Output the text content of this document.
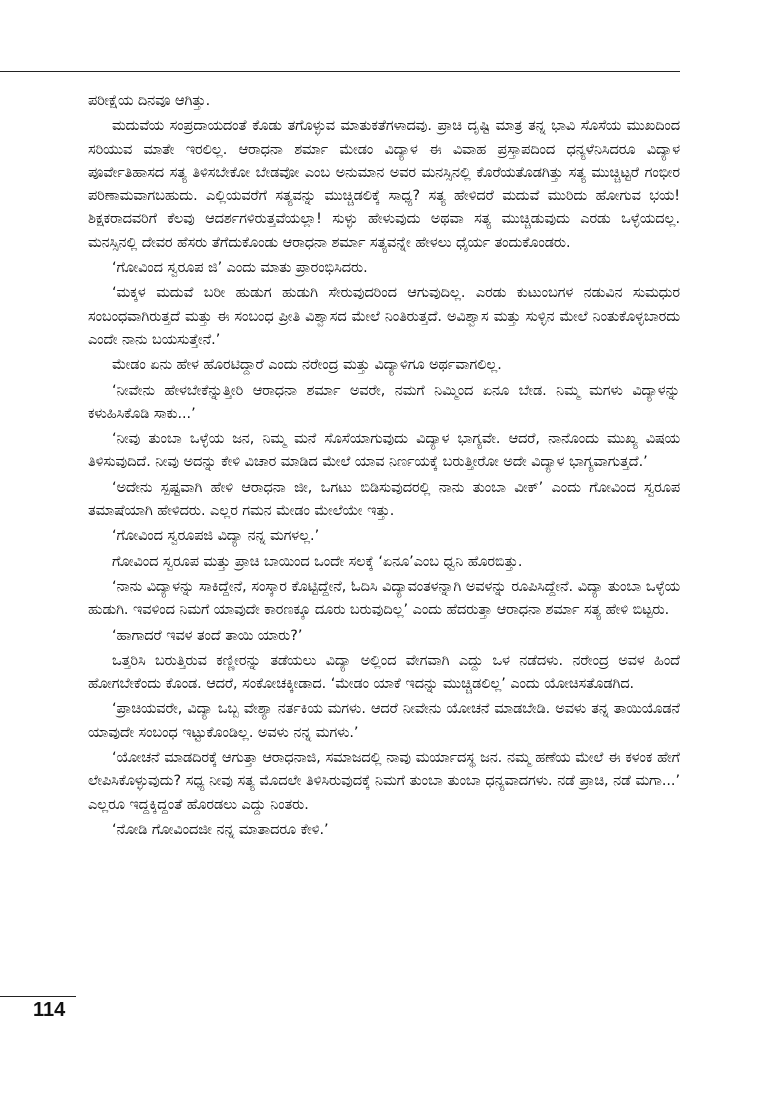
ಪರೀಕ್ಷೆಯ ದಿನವೂ ಆಗಿತ್ತು.

ಮದುವೆಯ ಸಂಪ್ರದಾಯದಂತೆ ಕೊಡು ತಗೊಳ್ಳುವ ಮಾತುಕತೆಗಳಾದವು. ಪ್ರಾಚಿ ದೃಷ್ಟಿ ಮಾತ್ರ ತನ್ನ ಭಾವಿ ಸೊಸೆಯ ಮುಖದಿಂದ ಸರಿಯುವ ಮಾತೇ ಇರಲಿಲ್ಲ. ಆರಾಧನಾ ಶರ್ಮಾ ಮೇಡಂ ವಿದ್ಯಾಳ ಈ ವಿವಾಹ ಪ್ರಸ್ತಾಪದಿಂದ ಧನ್ಯಳೆನಿಸಿದರೂ ವಿದ್ಯಾಳ ಪೂರ್ವೇತಿಹಾಸದ ಸತ್ಯ ತಿಳಿಸಬೇಕೋ ಬೇಡವೋ ಎಂಬ ಅನುಮಾನ ಅವರ ಮನಸ್ಸಿನಲ್ಲಿ ಕೊರೆಯತೊಡಗಿತ್ತು ಸತ್ಯ ಮುಚ್ಚಿಟ್ಟರೆ ಗಂಭೀರ ಪರಿಣಾಮವಾಗಬಹುದು. ಎಲ್ಲಿಯವರೆಗೆ ಸತ್ಯವನ್ನು ಮುಚ್ಚಿಡಲಿಕ್ಕೆ ಸಾಧ್ಯ? ಸತ್ಯ ಹೇಳಿದರೆ ಮದುವೆ ಮುರಿದು ಹೋಗುವ ಭಯ! ಶಿಕ್ಷಕರಾದವರಿಗೆ ಕೆಲವು ಆದರ್ಶಗಳಿರುತ್ತವೆಯಲ್ಲಾ! ಸುಳ್ಳು ಹೇಳುವುದು ಅಥವಾ ಸತ್ಯ ಮುಚ್ಚಿಡುವುದು ಎರಡು ಒಳ್ಳೆಯದಲ್ಲ. ಮನಸ್ಸಿನಲ್ಲಿ ದೇವರ ಹೆಸರು ತೆಗೆದುಕೊಂಡು ಆರಾಧನಾ ಶರ್ಮಾ ಸತ್ಯವನ್ನೇ ಹೇಳಲು ಧೈರ್ಯ ತಂದುಕೊಂಡರು.

‘ಗೋವಿಂದ ಸ್ವರೂಪ ಜಿ’ ಎಂದು ಮಾತು ಪ್ರಾರಂಭಿಸಿದರು.

‘ಮಕ್ಕಳ ಮದುವೆ ಬರೀ ಹುಡುಗ ಹುಡುಗಿ ಸೇರುವುದರಿಂದ ಆಗುವುದಿಲ್ಲ. ಎರಡು ಕುಟುಂಬಗಳ ನಡುವಿನ ಸುಮಧುರ ಸಂಬಂಧವಾಗಿರುತ್ತದೆ ಮತ್ತು ಈ ಸಂಬಂಧ ಪ್ರೀತಿ ವಿಶ್ವಾಸದ ಮೇಲೆ ನಿಂತಿರುತ್ತದೆ. ಅವಿಶ್ವಾಸ ಮತ್ತು ಸುಳ್ಳಿನ ಮೇಲೆ ನಿಂತುಕೊಳ್ಳಬಾರದು ಎಂದೇ ನಾನು ಬಯಸುತ್ತೇನೆ.’

ಮೇಡಂ ಏನು ಹೇಳ ಹೊರಟಿದ್ದಾರೆ ಎಂದು ನರೇಂದ್ರ ಮತ್ತು ವಿದ್ಯಾಳಿಗೂ ಅರ್ಥವಾಗಲಿಲ್ಲ.

‘ನೀವೇನು ಹೇಳಬೇಕೆನ್ನುತ್ತೀರಿ ಆರಾಧನಾ ಶರ್ಮಾ ಅವರೇ, ನಮಗೆ ನಿಮ್ಮಿಂದ ಏನೂ ಬೇಡ. ನಿಮ್ಮ ಮಗಳು ವಿದ್ಯಾಳನ್ನು ಕಳುಹಿಸಿಕೊಡಿ ಸಾಕು...’

‘ನೀವು ತುಂಬಾ ಒಳ್ಳೆಯ ಜನ, ನಿಮ್ಮ ಮನೆ ಸೊಸೆಯಾಗುವುದು ವಿದ್ಯಾಳ ಭಾಗ್ಯವೇ. ಆದರೆ, ನಾನೊಂದು ಮುಖ್ಯ ವಿಷಯ ತಿಳಿಸುವುದಿದೆ. ನೀವು ಅದನ್ನು ಕೇಳಿ ವಿಚಾರ ಮಾಡಿದ ಮೇಲೆ ಯಾವ ನಿರ್ಣಯಕ್ಕೆ ಬರುತ್ತೀರೋ ಅದೇ ವಿದ್ಯಾಳ ಭಾಗ್ಯವಾಗುತ್ತದೆ.’

‘ಅದೇನು ಸ್ಪಷ್ಟವಾಗಿ ಹೇಳಿ ಆರಾಧನಾ ಜೀ, ಒಗಟು ಬಿಡಿಸುವುದರಲ್ಲಿ ನಾನು ತುಂಬಾ ವೀಕ್’ ಎಂದು ಗೋವಿಂದ ಸ್ವರೂಪ ತಮಾಷೆಯಾಗಿ ಹೇಳಿದರು. ಎಲ್ಲರ ಗಮನ ಮೇಡಂ ಮೇಲೆಯೇ ಇತ್ತು.

‘ಗೋವಿಂದ ಸ್ವರೂಪಜಿ ವಿದ್ಯಾ ನನ್ನ ಮಗಳಲ್ಲ.’

ಗೋವಿಂದ ಸ್ವರೂಪ ಮತ್ತು ಪ್ರಾಚಿ ಬಾಯಿಂದ ಒಂದೇ ಸಲಕ್ಕೆ ‘ಏನೂ’ಎಂಬ ಧ್ವನಿ ಹೊರಬಿತ್ತು.

‘ನಾನು ವಿದ್ಯಾಳನ್ನು ಸಾಕಿದ್ದೇನೆ, ಸಂಸ್ಕಾರ ಕೊಟ್ಟಿದ್ದೇನೆ, ಓದಿಸಿ ವಿದ್ಯಾವಂತಳನ್ನಾಗಿ ಅವಳನ್ನು ರೂಪಿಸಿದ್ದೇನೆ. ವಿದ್ಯಾ ತುಂಬಾ ಒಳ್ಳೆಯ ಹುಡುಗಿ. ಇವಳಿಂದ ನಿಮಗೆ ಯಾವುದೇ ಕಾರಣಕ್ಕೂ ದೂರು ಬರುವುದಿಲ್ಲ’ ಎಂದು ಹೆದರುತ್ತಾ ಆರಾಧನಾ ಶರ್ಮಾ ಸತ್ಯ ಹೇಳಿ ಬಿಟ್ಟರು.

‘ಹಾಗಾದರೆ ಇವಳ ತಂದೆ ತಾಯಿ ಯಾರು?’

ಒತ್ತರಿಸಿ ಬರುತ್ತಿರುವ ಕಣ್ಣೀರನ್ನು ತಡೆಯಲು ವಿದ್ಯಾ ಅಲ್ಲಿಂದ ವೇಗವಾಗಿ ಎದ್ದು ಒಳ ನಡೆದಳು. ನರೇಂದ್ರ ಅವಳ ಹಿಂದೆ ಹೋಗಬೇಕೆಂದು ಕೊಂಡ. ಆದರೆ, ಸಂಕೋಚಕ್ಕೀಡಾದ. ‘ಮೇಡಂ ಯಾಕೆ ಇದನ್ನು ಮುಚ್ಚಿಡಲಿಲ್ಲ’ ಎಂದು ಯೋಚಿಸತೊಡಗಿದ.

‘ಪ್ರಾಚಿಯವರೇ, ವಿದ್ಯಾ ಒಬ್ಬ ವೇಶ್ಯಾ ನರ್ತಕಿಯ ಮಗಳು. ಆದರೆ ನೀವೇನು ಯೋಚನೆ ಮಾಡಬೇಡಿ. ಅವಳು ತನ್ನ ತಾಯಿಯೊಡನೆ ಯಾವುದೇ ಸಂಬಂಧ ಇಟ್ಟುಕೊಂಡಿಲ್ಲ. ಅವಳು ನನ್ನ ಮಗಳು.’

‘ಯೋಚನೆ ಮಾಡದಿರಕ್ಕೆ ಆಗುತ್ತಾ ಆರಾಧನಾಜಿ, ಸಮಾಜದಲ್ಲಿ ನಾವು ಮರ್ಯಾದಸ್ಥ ಜನ. ನಮ್ಮ ಹಣೆಯ ಮೇಲೆ ಈ ಕಳಂಕ ಹೇಗೆ ಲೇಪಿಸಿಕೊಳ್ಳುವುದು? ಸಧ್ಯ ನೀವು ಸತ್ಯ ಮೊದಲೇ ತಿಳಿಸಿರುವುದಕ್ಕೆ ನಿಮಗೆ ತುಂಬಾ ತುಂಬಾ ಧನ್ಯವಾದಗಳು. ನಡೆ ಪ್ರಾಚಿ, ನಡೆ ಮಗಾ...’ ಎಲ್ಲರೂ ಇದ್ದಕ್ಕಿದ್ದಂತೆ ಹೊರಡಲು ಎದ್ದು ನಿಂತರು.

‘ನೋಡಿ ಗೋವಿಂದಜೀ ನನ್ನ ಮಾತಾದರೂ ಕೇಳಿ.’

114
